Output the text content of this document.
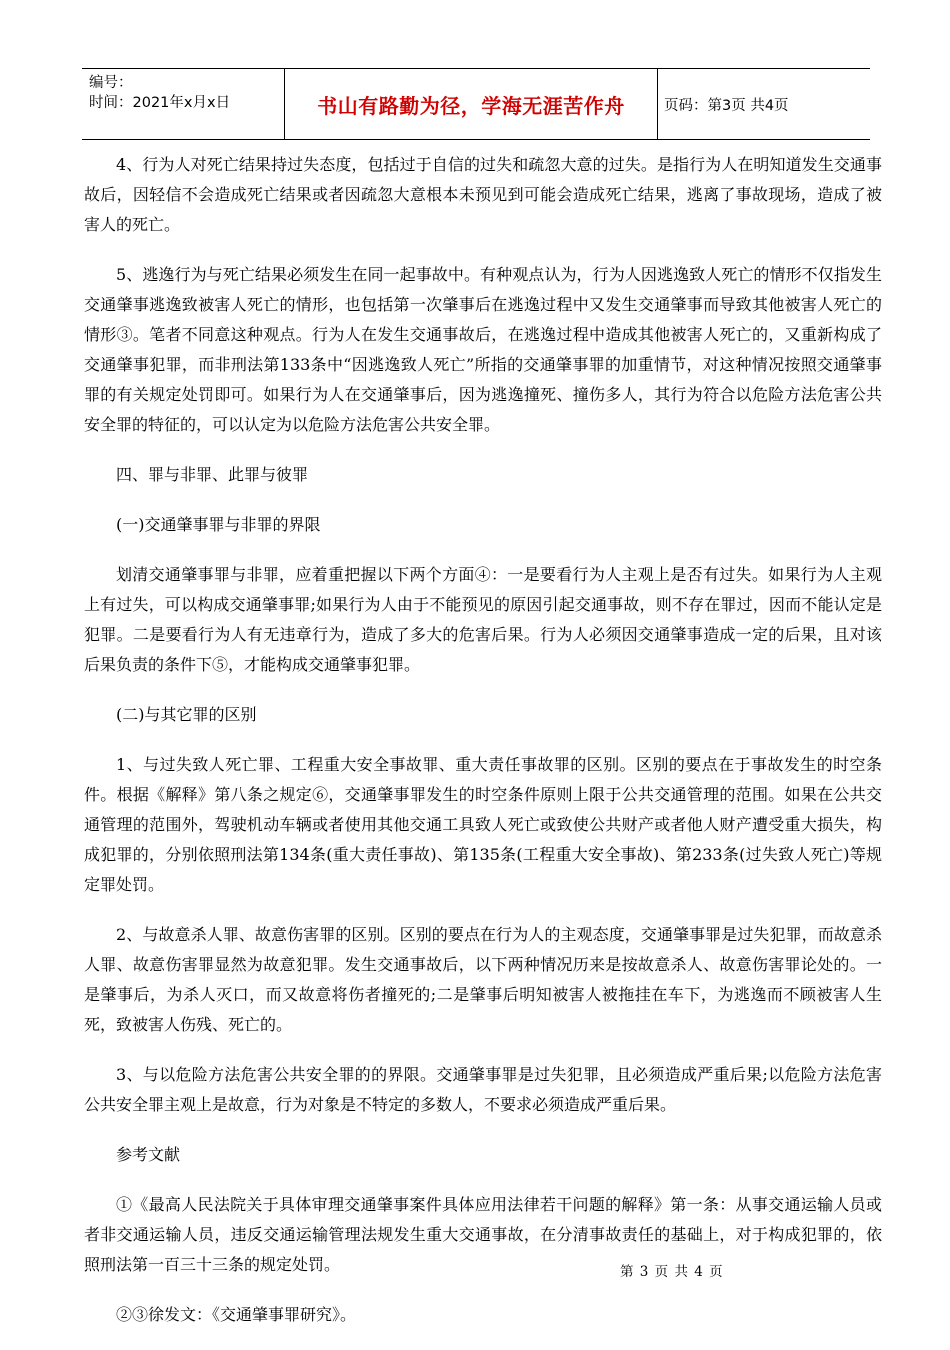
编号：
时间：2021年x月x日	书山有路勤为径，学海无涯苦作舟	页码：第3页 共4页

4、行为人对死亡结果持过失态度，包括过于自信的过失和疏忽大意的过失。是指行为人在明知道发生交通事故后，因轻信不会造成死亡结果或者因疏忽大意根本未预见到可能会造成死亡结果，逃离了事故现场，造成了被害人的死亡。

5、逃逸行为与死亡结果必须发生在同一起事故中。有种观点认为，行为人因逃逸致人死亡的情形不仅指发生交通肇事逃逸致被害人死亡的情形，也包括第一次肇事后在逃逸过程中又发生交通肇事而导致其他被害人死亡的情形③。笔者不同意这种观点。行为人在发生交通事故后，在逃逸过程中造成其他被害人死亡的，又重新构成了交通肇事犯罪，而非刑法第133条中“因逃逸致人死亡”所指的交通肇事罪的加重情节，对这种情况按照交通肇事罪的有关规定处罚即可。如果行为人在交通肇事后，因为逃逸撞死、撞伤多人，其行为符合以危险方法危害公共安全罪的特征的，可以认定为以危险方法危害公共安全罪。

四、罪与非罪、此罪与彼罪

(一)交通肇事罪与非罪的界限

划清交通肇事罪与非罪，应着重把握以下两个方面④：一是要看行为人主观上是否有过失。如果行为人主观上有过失，可以构成交通肇事罪;如果行为人由于不能预见的原因引起交通事故，则不存在罪过，因而不能认定是犯罪。二是要看行为人有无违章行为，造成了多大的危害后果。行为人必须因交通肇事造成一定的后果，且对该后果负责的条件下⑤，才能构成交通肇事犯罪。

(二)与其它罪的区别

1、与过失致人死亡罪、工程重大安全事故罪、重大责任事故罪的区别。区别的要点在于事故发生的时空条件。根据《解释》第八条之规定⑥，交通肇事罪发生的时空条件原则上限于公共交通管理的范围。如果在公共交通管理的范围外，驾驶机动车辆或者使用其他交通工具致人死亡或致使公共财产或者他人财产遭受重大损失，构成犯罪的，分别依照刑法第134条(重大责任事故)、第135条(工程重大安全事故)、第233条(过失致人死亡)等规定罪处罚。

2、与故意杀人罪、故意伤害罪的区别。区别的要点在行为人的主观态度，交通肇事罪是过失犯罪，而故意杀人罪、故意伤害罪显然为故意犯罪。发生交通事故后，以下两种情况历来是按故意杀人、故意伤害罪论处的。一是肇事后，为杀人灭口，而又故意将伤者撞死的;二是肇事后明知被害人被拖挂在车下，为逃逸而不顾被害人生死，致被害人伤残、死亡的。

3、与以危险方法危害公共安全罪的的界限。交通肇事罪是过失犯罪，且必须造成严重后果;以危险方法危害公共安全罪主观上是故意，行为对象是不特定的多数人，不要求必须造成严重后果。

参考文献

①《最高人民法院关于具体审理交通肇事案件具体应用法律若干问题的解释》第一条：从事交通运输人员或者非交通运输人员，违反交通运输管理法规发生重大交通事故，在分清事故责任的基础上，对于构成犯罪的，依照刑法第一百三十三条的规定处罚。

②③徐发文：《交通肇事罪研究》。

第 3 页 共 4 页
